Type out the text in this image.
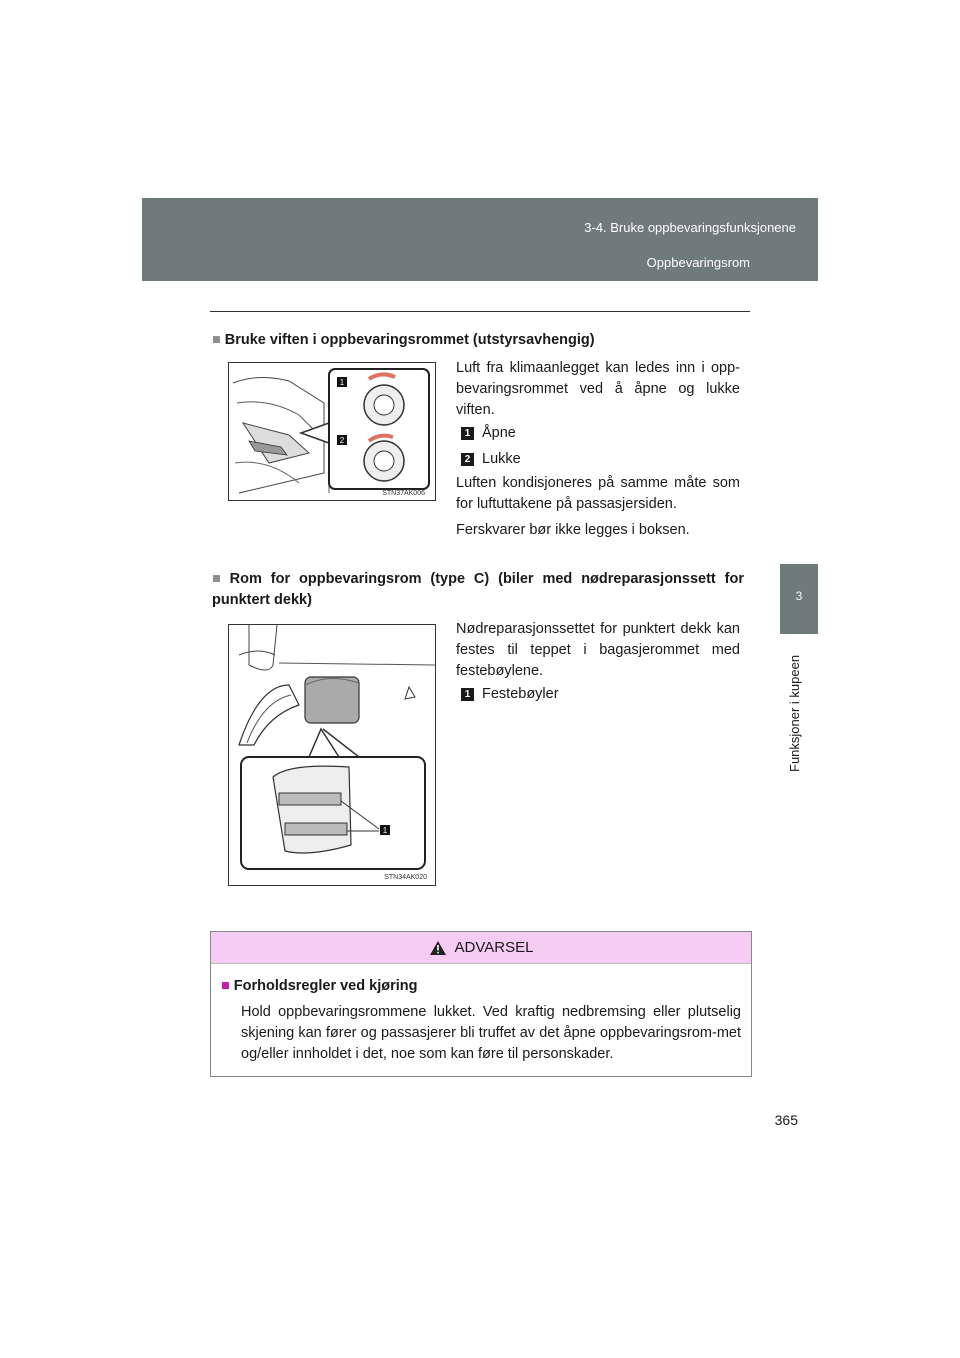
3-4. Bruke oppbevaringsfunksjonene
Oppbevaringsrom
3
Funksjoner i kupeen
■ Bruke viften i oppbevaringsrommet (utstyrsavhengig)
1
2
STN37AK006
Luft fra klimaanlegget kan ledes inn i opp-bevaringsrommet ved å åpne og lukke viften.
1 Åpne
2 Lukke
Luften kondisjoneres på samme måte som for luftuttakene på passasjersiden.
Ferskvarer bør ikke legges i boksen.
■ Rom for oppbevaringsrom (type C) (biler med nødreparasjonssett for punktert dekk)
1
STN34AK020
Nødreparasjonssettet for punktert dekk kan festes til teppet i bagasjerommet med festebøylene.
1 Festebøyler
ADVARSEL
■ Forholdsregler ved kjøring
Hold oppbevaringsrommene lukket. Ved kraftig nedbremsing eller plutselig skjening kan fører og passasjerer bli truffet av det åpne oppbevaringsrom-met og/eller innholdet i det, noe som kan føre til personskader.
365
